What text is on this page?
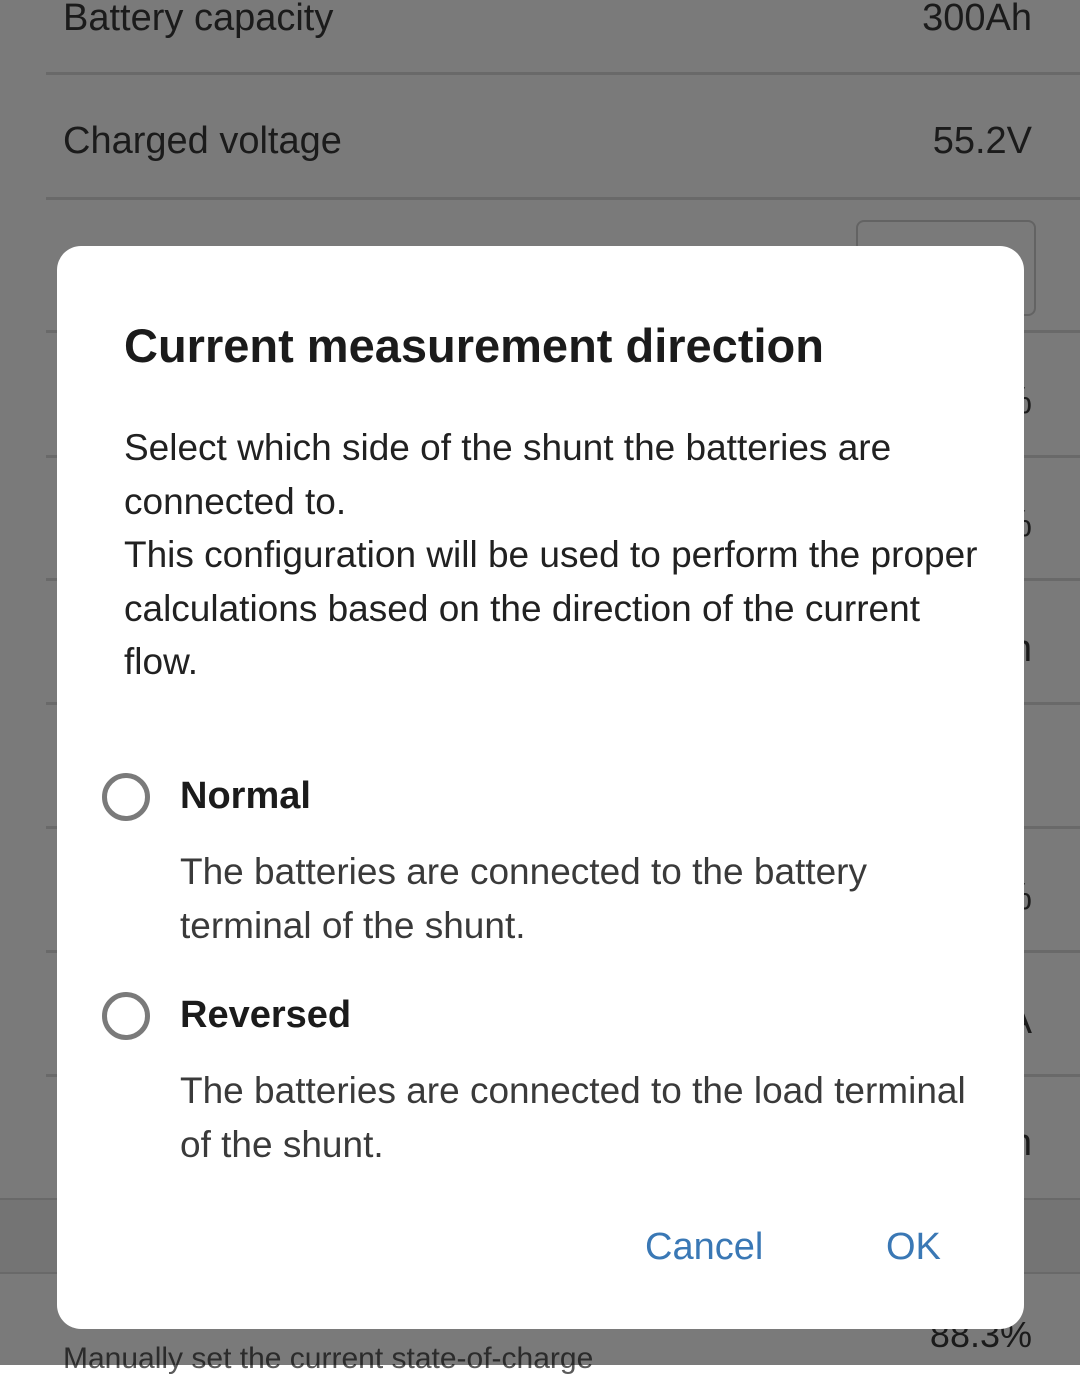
Current measurement direction

Select which side of the shunt the batteries are connected to.

This configuration will be used to perform the proper calculations based on the direction of the current flow.

Normal
The batteries are connected to the battery terminal of the shunt.
Reversed
The batteries are connected to the load terminal of the shunt.
Cancel	OK
